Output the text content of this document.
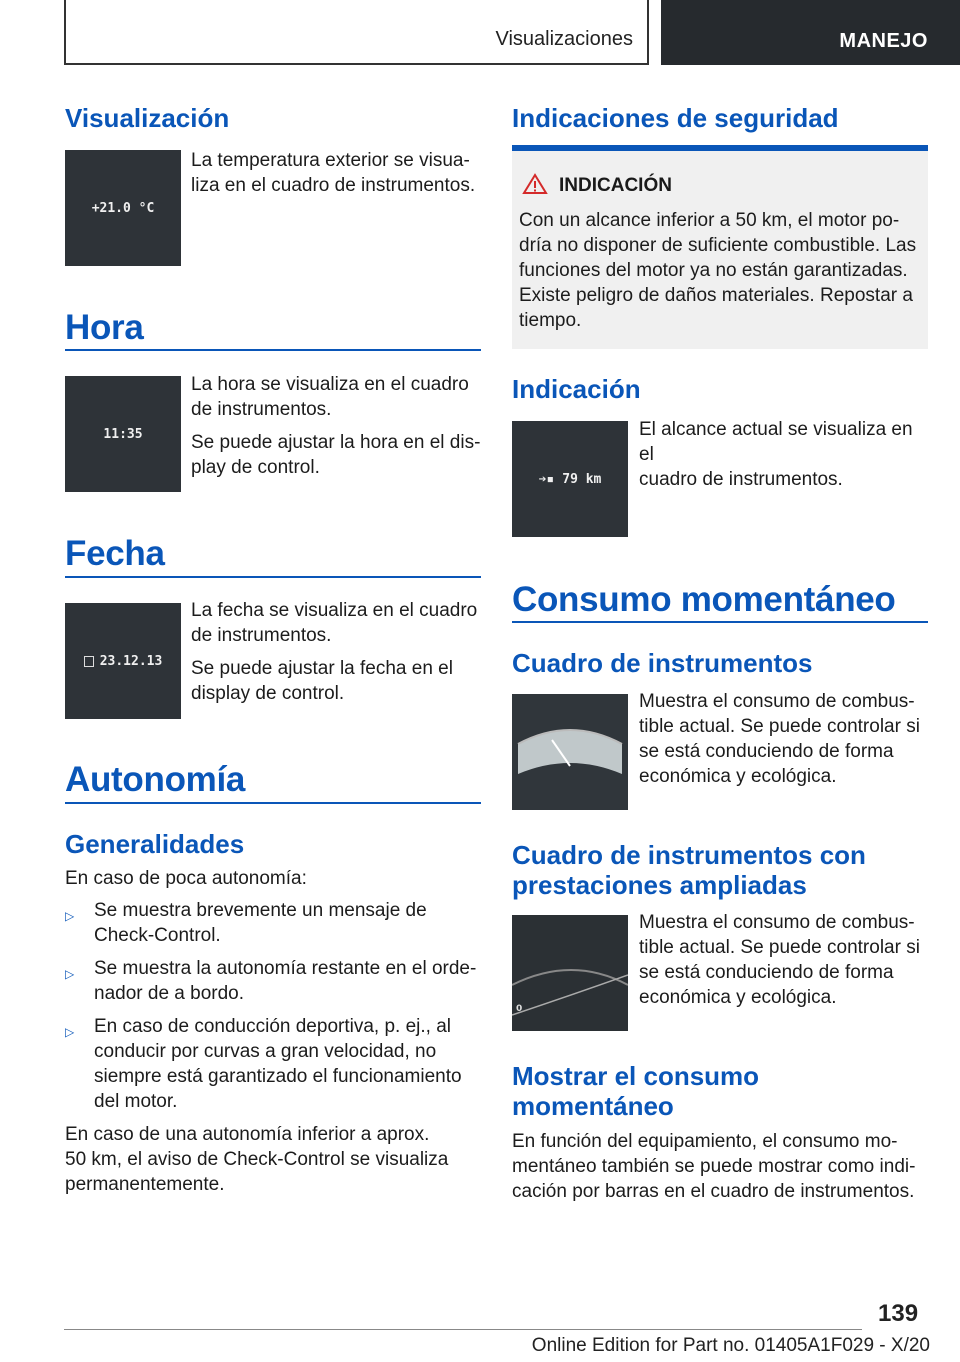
Visualizaciones	MANEJO
Visualización
+21.0 °C
La temperatura exterior se visua-
liza en el cuadro de instrumentos.
Hora
11:35
La hora se visualiza en el cuadro
de instrumentos.
Se puede ajustar la hora en el dis-
play de control.
Fecha
23.12.13
La fecha se visualiza en el cuadro
de instrumentos.
Se puede ajustar la fecha en el
display de control.
Autonomía
Generalidades
En caso de poca autonomía:
▷ Se muestra brevemente un mensaje de
Check-Control.
▷ Se muestra la autonomía restante en el orde-
nador de a bordo.
▷ En caso de conducción deportiva, p. ej., al
conducir por curvas a gran velocidad, no
siempre está garantizado el funcionamiento
del motor.
En caso de una autonomía inferior a aprox.
50 km, el aviso de Check-Control se visualiza
permanentemente.
Indicaciones de seguridad
INDICACIÓN
Con un alcance inferior a 50 km, el motor po-
dría no disponer de suficiente combustible. Las
funciones del motor ya no están garantizadas.
Existe peligro de daños materiales. Repostar a
tiempo.
Indicación
➔▪ 79 km
El alcance actual se visualiza en el
cuadro de instrumentos.
Consumo momentáneo
Cuadro de instrumentos
Muestra el consumo de combus-
tible actual. Se puede controlar si
se está conduciendo de forma
económica y ecológica.
Cuadro de instrumentos con
prestaciones ampliadas
0
Muestra el consumo de combus-
tible actual. Se puede controlar si
se está conduciendo de forma
económica y ecológica.
Mostrar el consumo
momentáneo
En función del equipamiento, el consumo mo-
mentáneo también se puede mostrar como indi-
cación por barras en el cuadro de instrumentos.
139
Online Edition for Part no. 01405A1F029 - X/20
